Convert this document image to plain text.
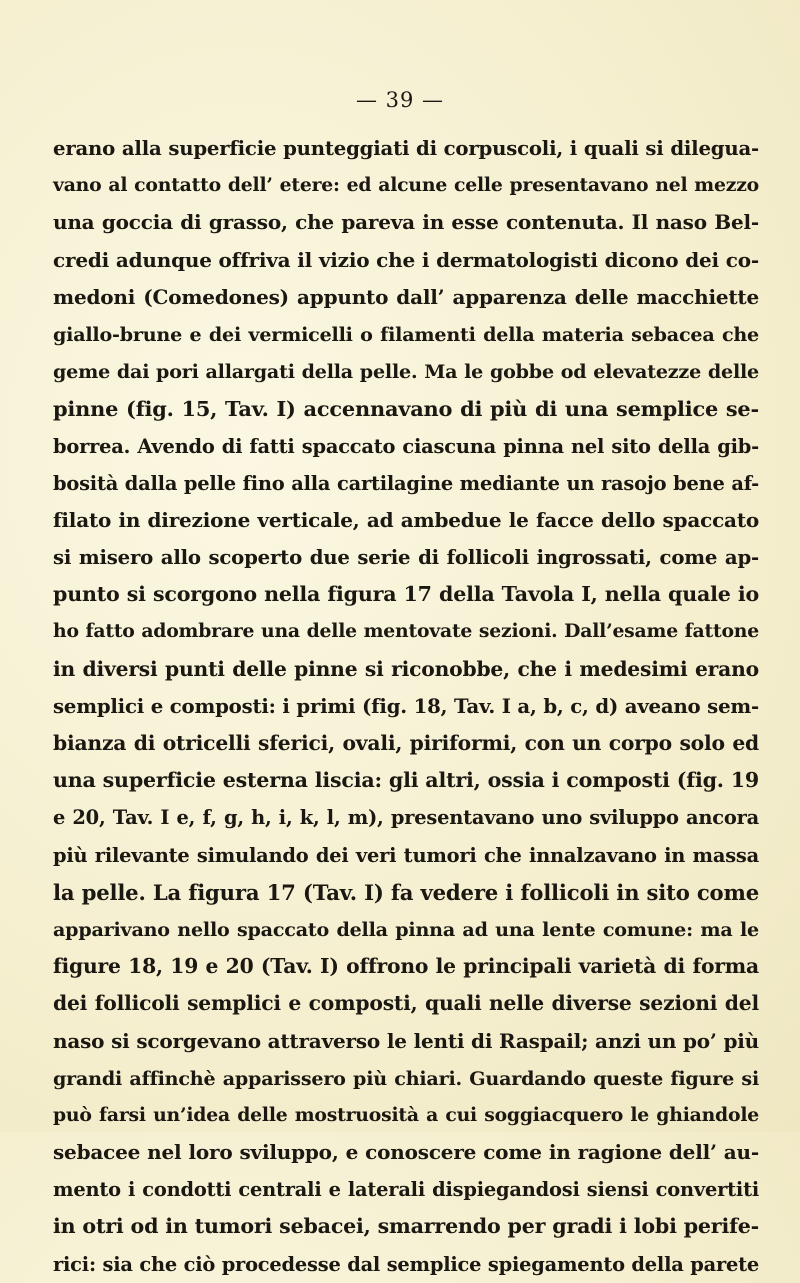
— 39 —
erano alla superficie punteggiati di corpuscoli, i quali si dilegua-
vano al contatto dell’ etere: ed alcune celle presentavano nel mezzo
una goccia di grasso, che pareva in esse contenuta. Il naso Bel-
credi adunque offriva il vizio che i dermatologisti dicono dei co-
medoni (Comedones) appunto dall’ apparenza delle macchiette
giallo-brune e dei vermicelli o filamenti della materia sebacea che
geme dai pori allargati della pelle. Ma le gobbe od elevatezze delle
pinne (fig. 15, Tav. I) accennavano di più di una semplice se-
borrea. Avendo di fatti spaccato ciascuna pinna nel sito della gib-
bosità dalla pelle fino alla cartilagine mediante un rasojo bene af-
filato in direzione verticale, ad ambedue le facce dello spaccato
si misero allo scoperto due serie di follicoli ingrossati, come ap-
punto si scorgono nella figura 17 della Tavola I, nella quale io
ho fatto adombrare una delle mentovate sezioni. Dall’esame fattone
in diversi punti delle pinne si riconobbe, che i medesimi erano
semplici e composti: i primi (fig. 18, Tav. I a, b, c, d) aveano sem-
bianza di otricelli sferici, ovali, piriformi, con un corpo solo ed
una superficie esterna liscia: gli altri, ossia i composti (fig. 19
e 20, Tav. I e, f, g, h, i, k, l, m), presentavano uno sviluppo ancora
più rilevante simulando dei veri tumori che innalzavano in massa
la pelle. La figura 17 (Tav. I) fa vedere i follicoli in sito come
apparivano nello spaccato della pinna ad una lente comune: ma le
figure 18, 19 e 20 (Tav. I) offrono le principali varietà di forma
dei follicoli semplici e composti, quali nelle diverse sezioni del
naso si scorgevano attraverso le lenti di Raspail; anzi un po’ più
grandi affinchè apparissero più chiari. Guardando queste figure si
può farsi un’idea delle mostruosità a cui soggiacquero le ghiandole
sebacee nel loro sviluppo, e conoscere come in ragione dell’ au-
mento i condotti centrali e laterali dispiegandosi siensi convertiti
in otri od in tumori sebacei, smarrendo per gradi i lobi perife-
rici: sia che ciò procedesse dal semplice spiegamento della parete
